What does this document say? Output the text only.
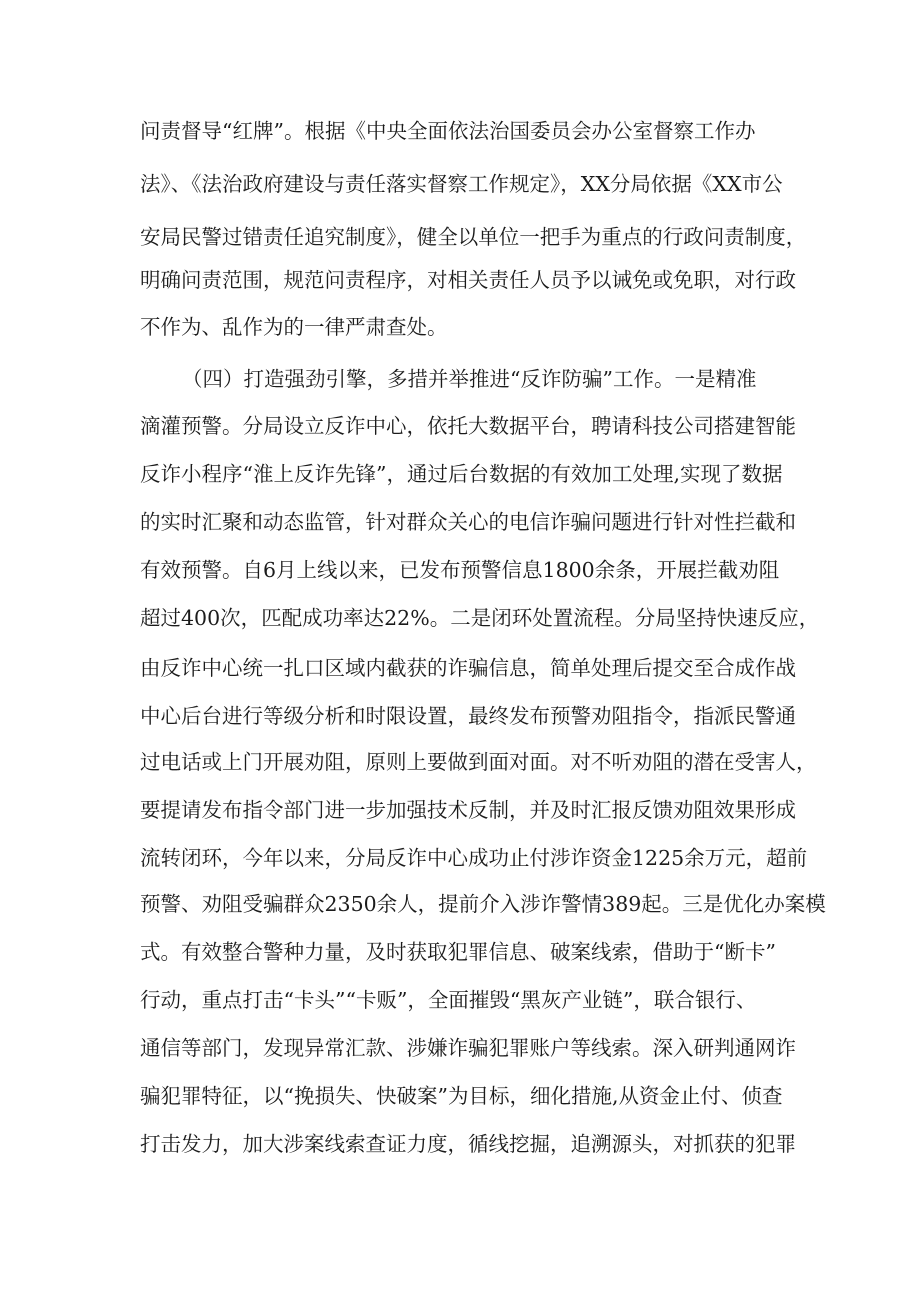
问责督导“红牌”。根据《中央全面依法治国委员会办公室督察工作办
法》、《法治政府建设与责任落实督察工作规定》，XX分局依据《XX市公
安局民警过错责任追究制度》，健全以单位一把手为重点的行政问责制度，
明确问责范围，规范问责程序，对相关责任人员予以诫免或免职，对行政
不作为、乱作为的一律严肃查处。
（四）打造强劲引擎，多措并举推进“反诈防骗”工作。一是精准
滴灌预警。分局设立反诈中心，依托大数据平台，聘请科技公司搭建智能
反诈小程序“淮上反诈先锋”，通过后台数据的有效加工处理,实现了数据
的实时汇聚和动态监管，针对群众关心的电信诈骗问题进行针对性拦截和
有效预警。自6月上线以来，已发布预警信息1800余条，开展拦截劝阻
超过400次，匹配成功率达22%。二是闭环处置流程。分局坚持快速反应，
由反诈中心统一扎口区域内截获的诈骗信息，简单处理后提交至合成作战
中心后台进行等级分析和时限设置，最终发布预警劝阻指令，指派民警通
过电话或上门开展劝阻，原则上要做到面对面。对不听劝阻的潜在受害人，
要提请发布指令部门进一步加强技术反制，并及时汇报反馈劝阻效果形成
流转闭环，今年以来，分局反诈中心成功止付涉诈资金1225余万元，超前
预警、劝阻受骗群众2350余人，提前介入涉诈警情389起。三是优化办案模
式。有效整合警种力量，及时获取犯罪信息、破案线索，借助于“断卡”
行动，重点打击“卡头”“卡贩”，全面摧毁“黑灰产业链”，联合银行、
通信等部门，发现异常汇款、涉嫌诈骗犯罪账户等线索。深入研判通网诈
骗犯罪特征，以“挽损失、快破案”为目标，细化措施,从资金止付、侦查
打击发力，加大涉案线索查证力度，循线挖掘，追溯源头，对抓获的犯罪
